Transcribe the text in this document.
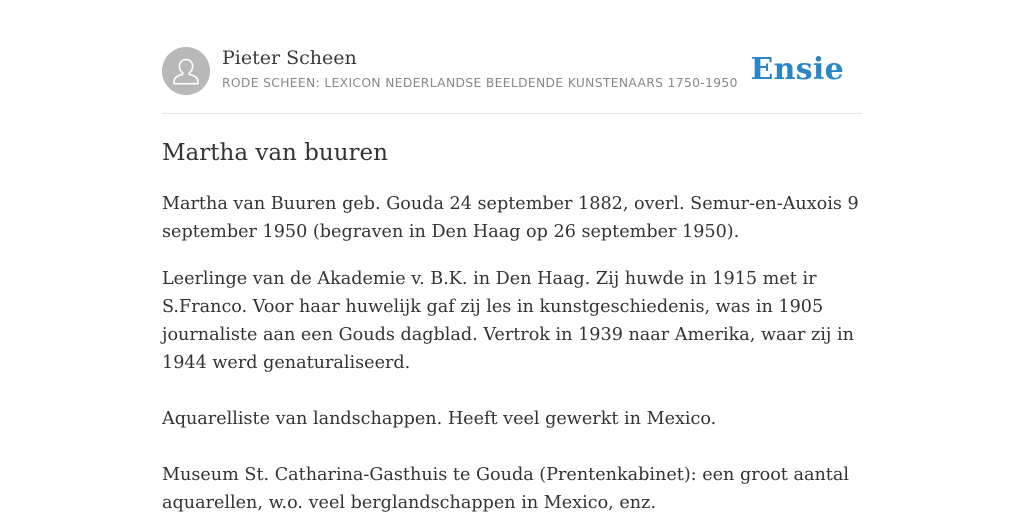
Pieter Scheen
RODE SCHEEN: LEXICON NEDERLANDSE BEELDENDE KUNSTENAARS 1750-1950 Ensie
Martha van buuren

Martha van Buuren geb. Gouda 24 september 1882, overl. Semur-en-Auxois 9
september 1950 (begraven in Den Haag op 26 september 1950).

Leerlinge van de Akademie v. B.K. in Den Haag. Zij huwde in 1915 met ir
S.Franco. Voor haar huwelijk gaf zij les in kunstgeschiedenis, was in 1905
journaliste aan een Gouds dagblad. Vertrok in 1939 naar Amerika, waar zij in
1944 werd genaturaliseerd.
Aquarelliste van landschappen. Heeft veel gewerkt in Mexico.
Museum St. Catharina-Gasthuis te Gouda (Prentenkabinet): een groot aantal
aquarellen, w.o. veel berglandschappen in Mexico, enz.
